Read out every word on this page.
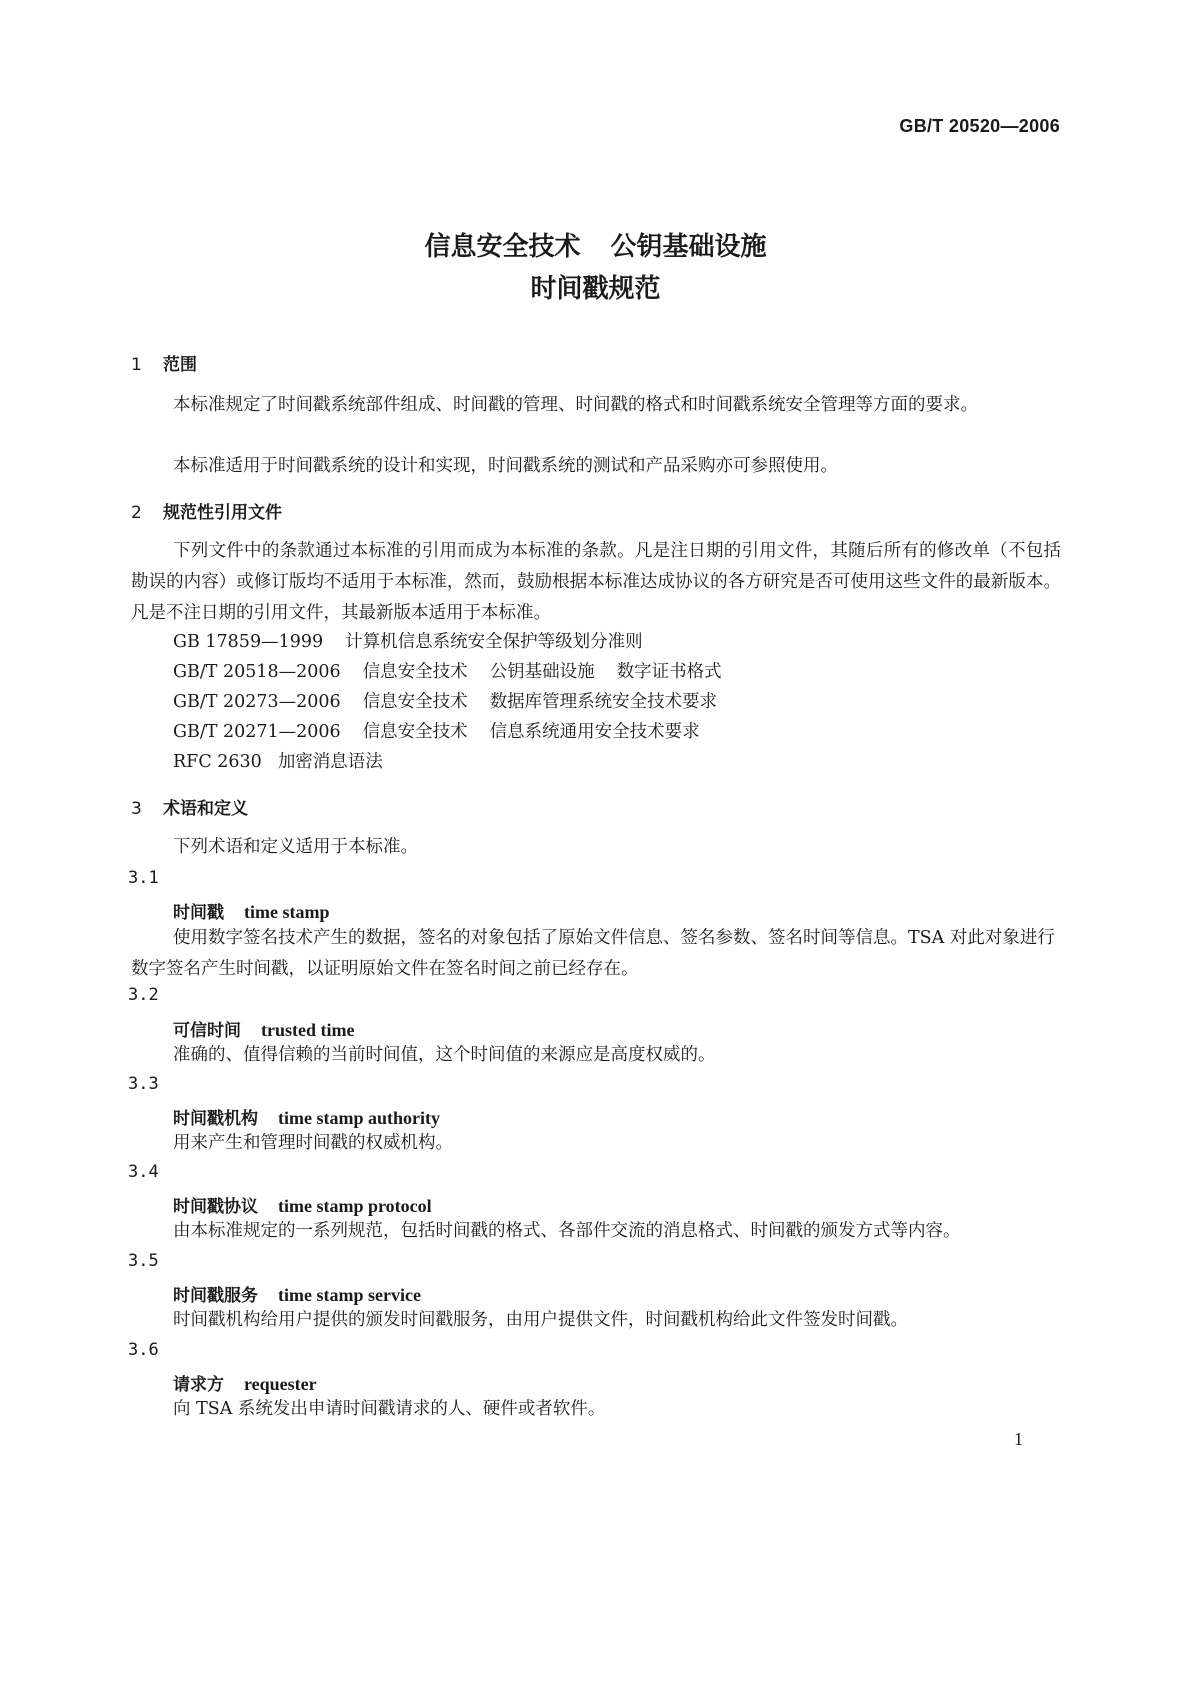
GB/T 20520—2006
信息安全技术 公钥基础设施
时间戳规范
1 范围
本标准规定了时间戳系统部件组成、时间戳的管理、时间戳的格式和时间戳系统安全管理等方面的要求。
本标准适用于时间戳系统的设计和实现，时间戳系统的测试和产品采购亦可参照使用。
2 规范性引用文件
下列文件中的条款通过本标准的引用而成为本标准的条款。凡是注日期的引用文件，其随后所有的修改单（不包括勘误的内容）或修订版均不适用于本标准，然而，鼓励根据本标准达成协议的各方研究是否可使用这些文件的最新版本。凡是不注日期的引用文件，其最新版本适用于本标准。
GB 17859—1999 计算机信息系统安全保护等级划分准则
GB/T 20518—2006 信息安全技术 公钥基础设施 数字证书格式
GB/T 20273—2006 信息安全技术 数据库管理系统安全技术要求
GB/T 20271—2006 信息安全技术 信息系统通用安全技术要求
RFC 2630 加密消息语法
3 术语和定义
下列术语和定义适用于本标准。
3.1
时间戳 time stamp
使用数字签名技术产生的数据，签名的对象包括了原始文件信息、签名参数、签名时间等信息。TSA 对此对象进行数字签名产生时间戳，以证明原始文件在签名时间之前已经存在。
3.2
可信时间 trusted time
准确的、值得信赖的当前时间值，这个时间值的来源应是高度权威的。
3.3
时间戳机构 time stamp authority
用来产生和管理时间戳的权威机构。
3.4
时间戳协议 time stamp protocol
由本标准规定的一系列规范，包括时间戳的格式、各部件交流的消息格式、时间戳的颁发方式等内容。
3.5
时间戳服务 time stamp service
时间戳机构给用户提供的颁发时间戳服务，由用户提供文件，时间戳机构给此文件签发时间戳。
3.6
请求方 requester
向 TSA 系统发出申请时间戳请求的人、硬件或者软件。
1
